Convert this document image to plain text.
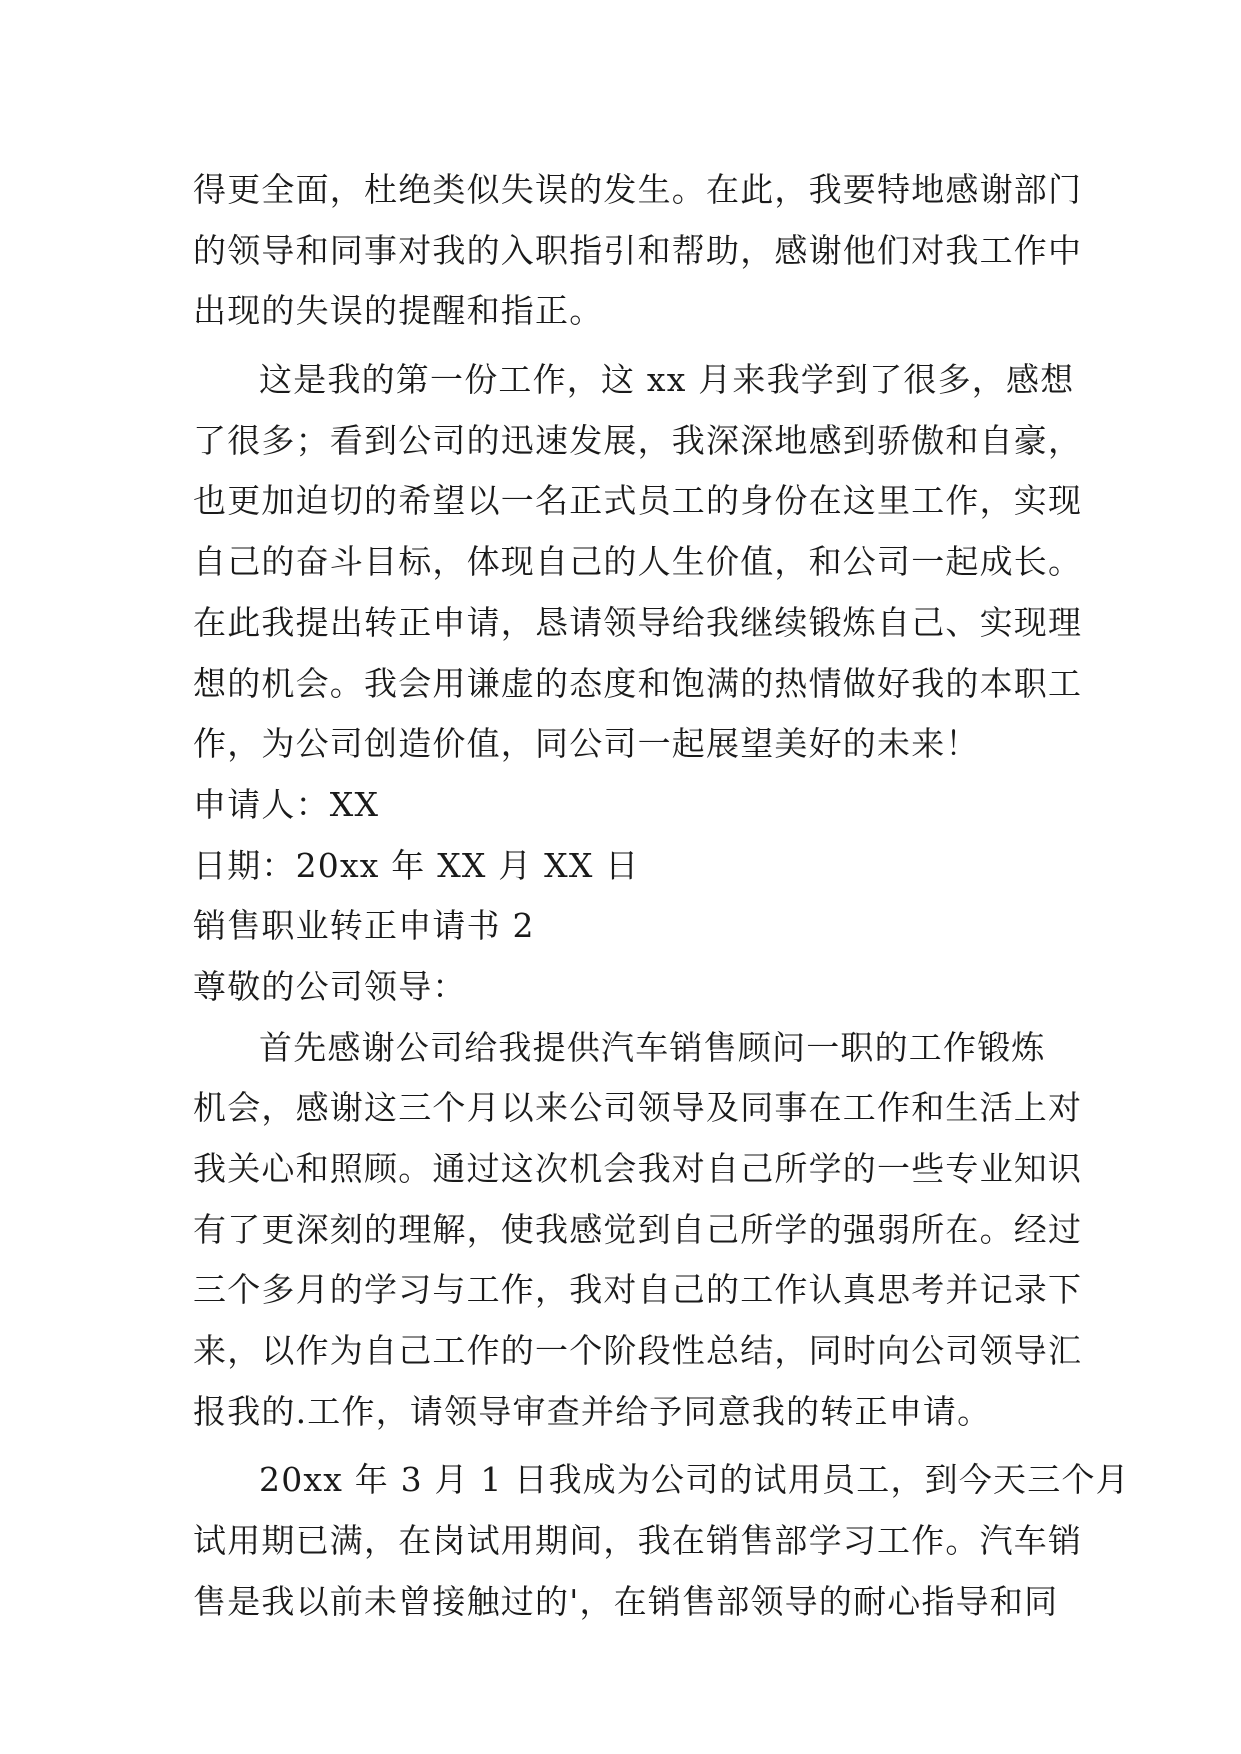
得更全面，杜绝类似失误的发生。在此，我要特地感谢部门
的领导和同事对我的入职指引和帮助，感谢他们对我工作中
出现的失误的提醒和指正。
这是我的第一份工作，这 xx 月来我学到了很多，感想
了很多；看到公司的迅速发展，我深深地感到骄傲和自豪，
也更加迫切的希望以一名正式员工的身份在这里工作，实现
自己的奋斗目标，体现自己的人生价值，和公司一起成长。
在此我提出转正申请，恳请领导给我继续锻炼自己、实现理
想的机会。我会用谦虚的态度和饱满的热情做好我的本职工
作，为公司创造价值，同公司一起展望美好的未来！
申请人：XX
日期：20xx 年 XX 月 XX 日
销售职业转正申请书 2
尊敬的公司领导：
首先感谢公司给我提供汽车销售顾问一职的工作锻炼
机会，感谢这三个月以来公司领导及同事在工作和生活上对
我关心和照顾。通过这次机会我对自己所学的一些专业知识
有了更深刻的理解，使我感觉到自己所学的强弱所在。经过
三个多月的学习与工作，我对自己的工作认真思考并记录下
来，以作为自己工作的一个阶段性总结，同时向公司领导汇
报我的.工作，请领导审查并给予同意我的转正申请。
20xx 年 3 月 1 日我成为公司的试用员工，到今天三个月
试用期已满，在岗试用期间，我在销售部学习工作。汽车销
售是我以前未曾接触过的'，在销售部领导的耐心指导和同
